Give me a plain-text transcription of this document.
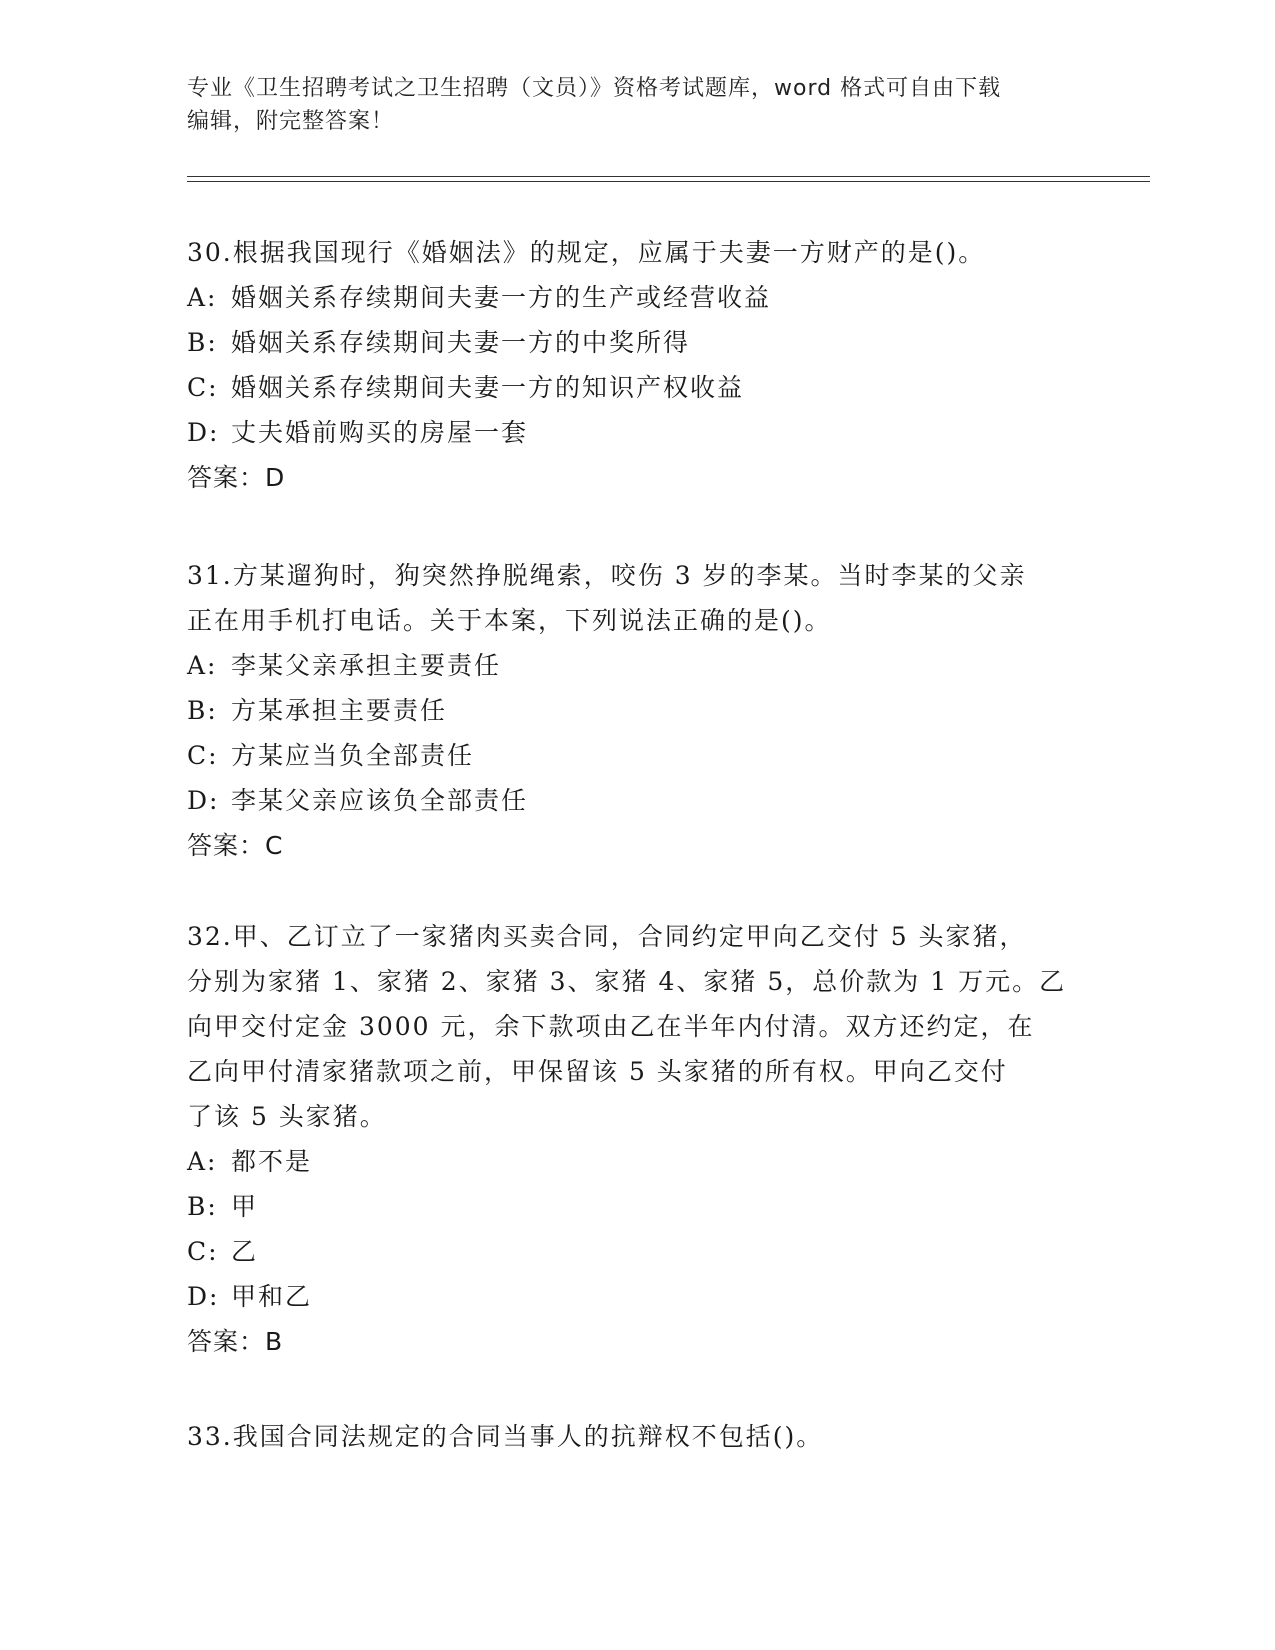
专业《卫生招聘考试之卫生招聘（文员）》资格考试题库，word 格式可自由下载
编辑，附完整答案！

30.根据我国现行《婚姻法》的规定，应属于夫妻一方财产的是()。

A: 婚姻关系存续期间夫妻一方的生产或经营收益

B: 婚姻关系存续期间夫妻一方的中奖所得

C: 婚姻关系存续期间夫妻一方的知识产权收益

D: 丈夫婚前购买的房屋一套

答案：D

31.方某遛狗时，狗突然挣脱绳索，咬伤 3 岁的李某。当时李某的父亲

正在用手机打电话。关于本案，下列说法正确的是()。

A: 李某父亲承担主要责任

B: 方某承担主要责任

C: 方某应当负全部责任

D: 李某父亲应该负全部责任

答案：C

32.甲、乙订立了一家猪肉买卖合同，合同约定甲向乙交付 5 头家猪，

分别为家猪 1、家猪 2、家猪 3、家猪 4、家猪 5，总价款为 1 万元。乙

向甲交付定金 3000 元，余下款项由乙在半年内付清。双方还约定，在

乙向甲付清家猪款项之前，甲保留该 5 头家猪的所有权。甲向乙交付

了该 5 头家猪。

A: 都不是

B: 甲

C: 乙

D: 甲和乙

答案：B

33.我国合同法规定的合同当事人的抗辩权不包括()。
